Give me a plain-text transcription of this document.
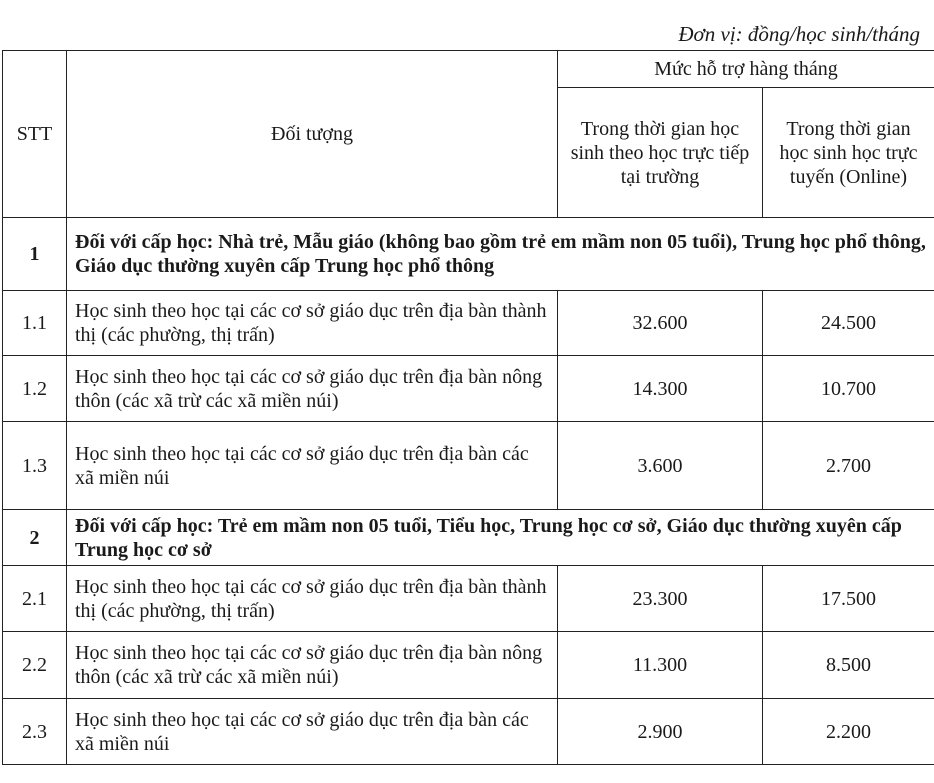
Đơn vị: đồng/học sinh/tháng
STT	Đối tượng	Mức hỗ trợ hàng tháng	
		Trong thời gian học sinh theo học trực tiếp tại trường	Trong thời gian học sinh học trực tuyến (Online)
1	Đối với cấp học: Nhà trẻ, Mẫu giáo (không bao gồm trẻ em mầm non 05 tuổi), Trung học phổ thông, Giáo dục thường xuyên cấp Trung học phổ thông		
1.1	Học sinh theo học tại các cơ sở giáo dục trên địa bàn thành thị (các phường, thị trấn)	32.600	24.500
1.2	Học sinh theo học tại các cơ sở giáo dục trên địa bàn nông thôn (các xã trừ các xã miền núi)	14.300	10.700
1.3	Học sinh theo học tại các cơ sở giáo dục trên địa bàn các xã miền núi	3.600	2.700
2	Đối với cấp học: Trẻ em mầm non 05 tuổi, Tiểu học, Trung học cơ sở, Giáo dục thường xuyên cấp Trung học cơ sở		
2.1	Học sinh theo học tại các cơ sở giáo dục trên địa bàn thành thị (các phường, thị trấn)	23.300	17.500
2.2	Học sinh theo học tại các cơ sở giáo dục trên địa bàn nông thôn (các xã trừ các xã miền núi)	11.300	8.500
2.3	Học sinh theo học tại các cơ sở giáo dục trên địa bàn các xã miền núi	2.900	2.200
